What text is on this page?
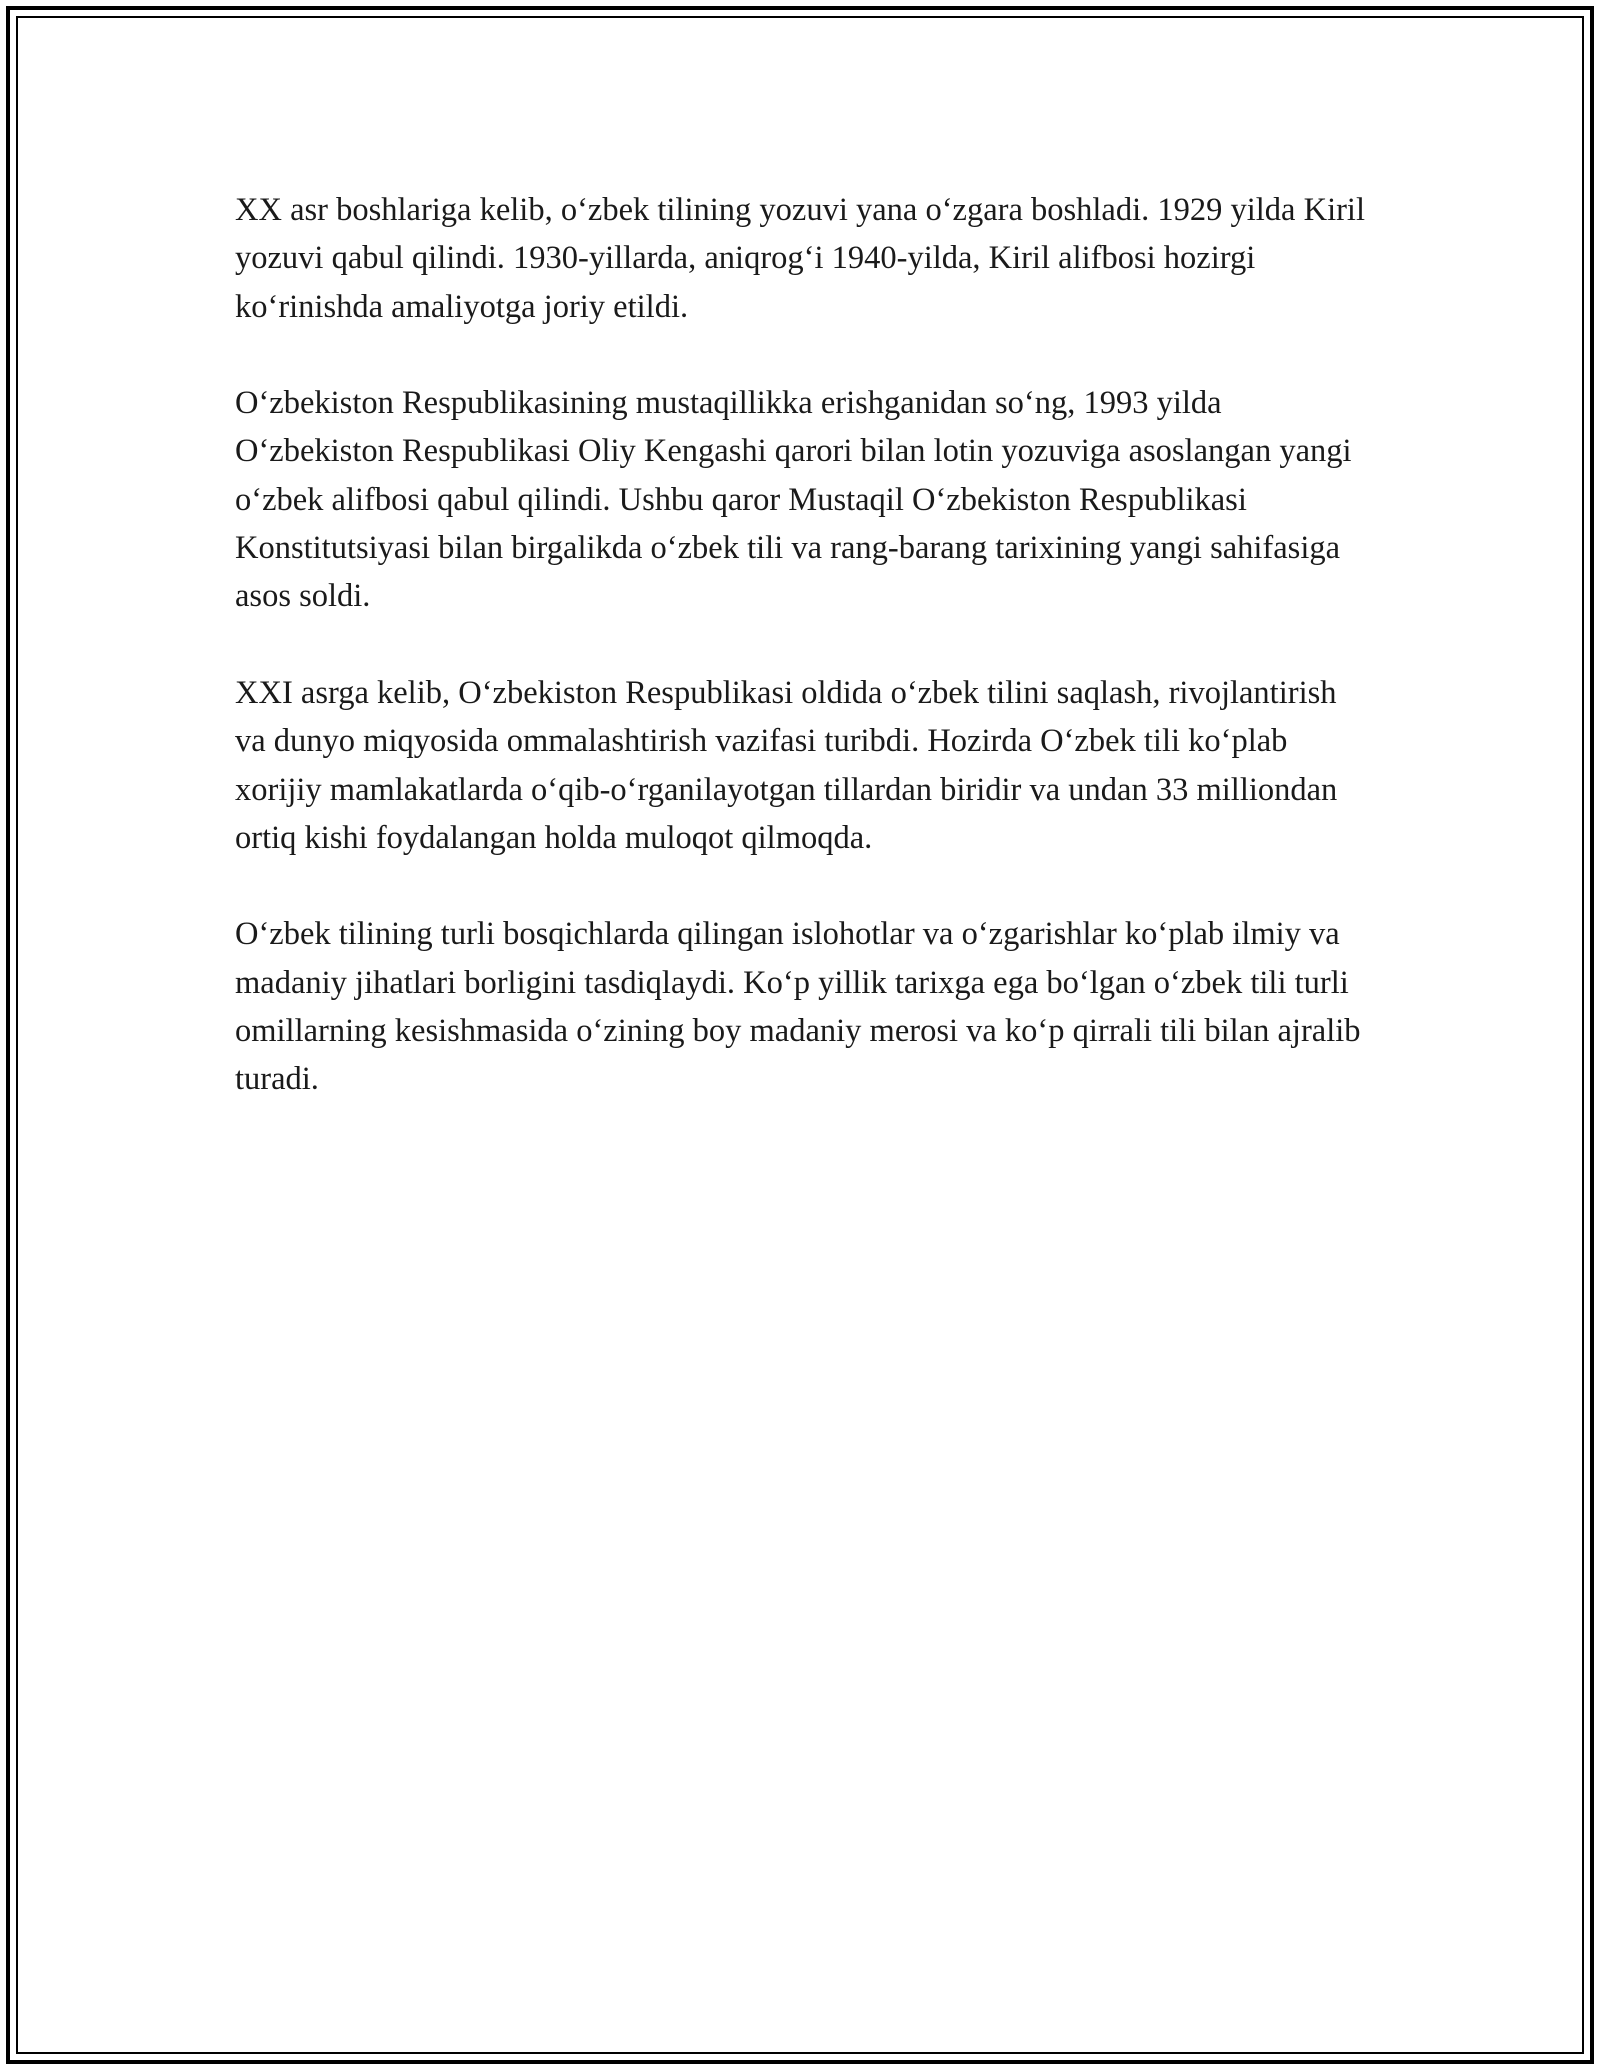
XX asr boshlariga kelib, oʻzbek tilining yozuvi yana oʻzgara boshladi. 1929 yilda Kiril yozuvi qabul qilindi. 1930-yillarda, aniqrogʻi 1940-yilda, Kiril alifbosi hozirgi koʻrinishda amaliyotga joriy etildi.

Oʻzbekiston Respublikasining mustaqillikka erishganidan soʻng, 1993 yilda Oʻzbekiston Respublikasi Oliy Kengashi qarori bilan lotin yozuviga asoslangan yangi oʻzbek alifbosi qabul qilindi. Ushbu qaror Mustaqil Oʻzbekiston Respublikasi Konstitutsiyasi bilan birgalikda oʻzbek tili va rang-barang tarixining yangi sahifasiga asos soldi.

XXI asrga kelib, Oʻzbekiston Respublikasi oldida oʻzbek tilini saqlash, rivojlantirish va dunyo miqyosida ommalashtirish vazifasi turibdi. Hozirda Oʻzbek tili koʻplab xorijiy mamlakatlarda oʻqib-oʻrganilayotgan tillardan biridir va undan 33 milliondan ortiq kishi foydalangan holda muloqot qilmoqda.

Oʻzbek tilining turli bosqichlarda qilingan islohotlar va oʻzgarishlar koʻplab ilmiy va madaniy jihatlari borligini tasdiqlaydi. Koʻp yillik tarixga ega boʻlgan oʻzbek tili turli omillarning kesishmasida oʻzining boy madaniy merosi va koʻp qirrali tili bilan ajralib turadi.
